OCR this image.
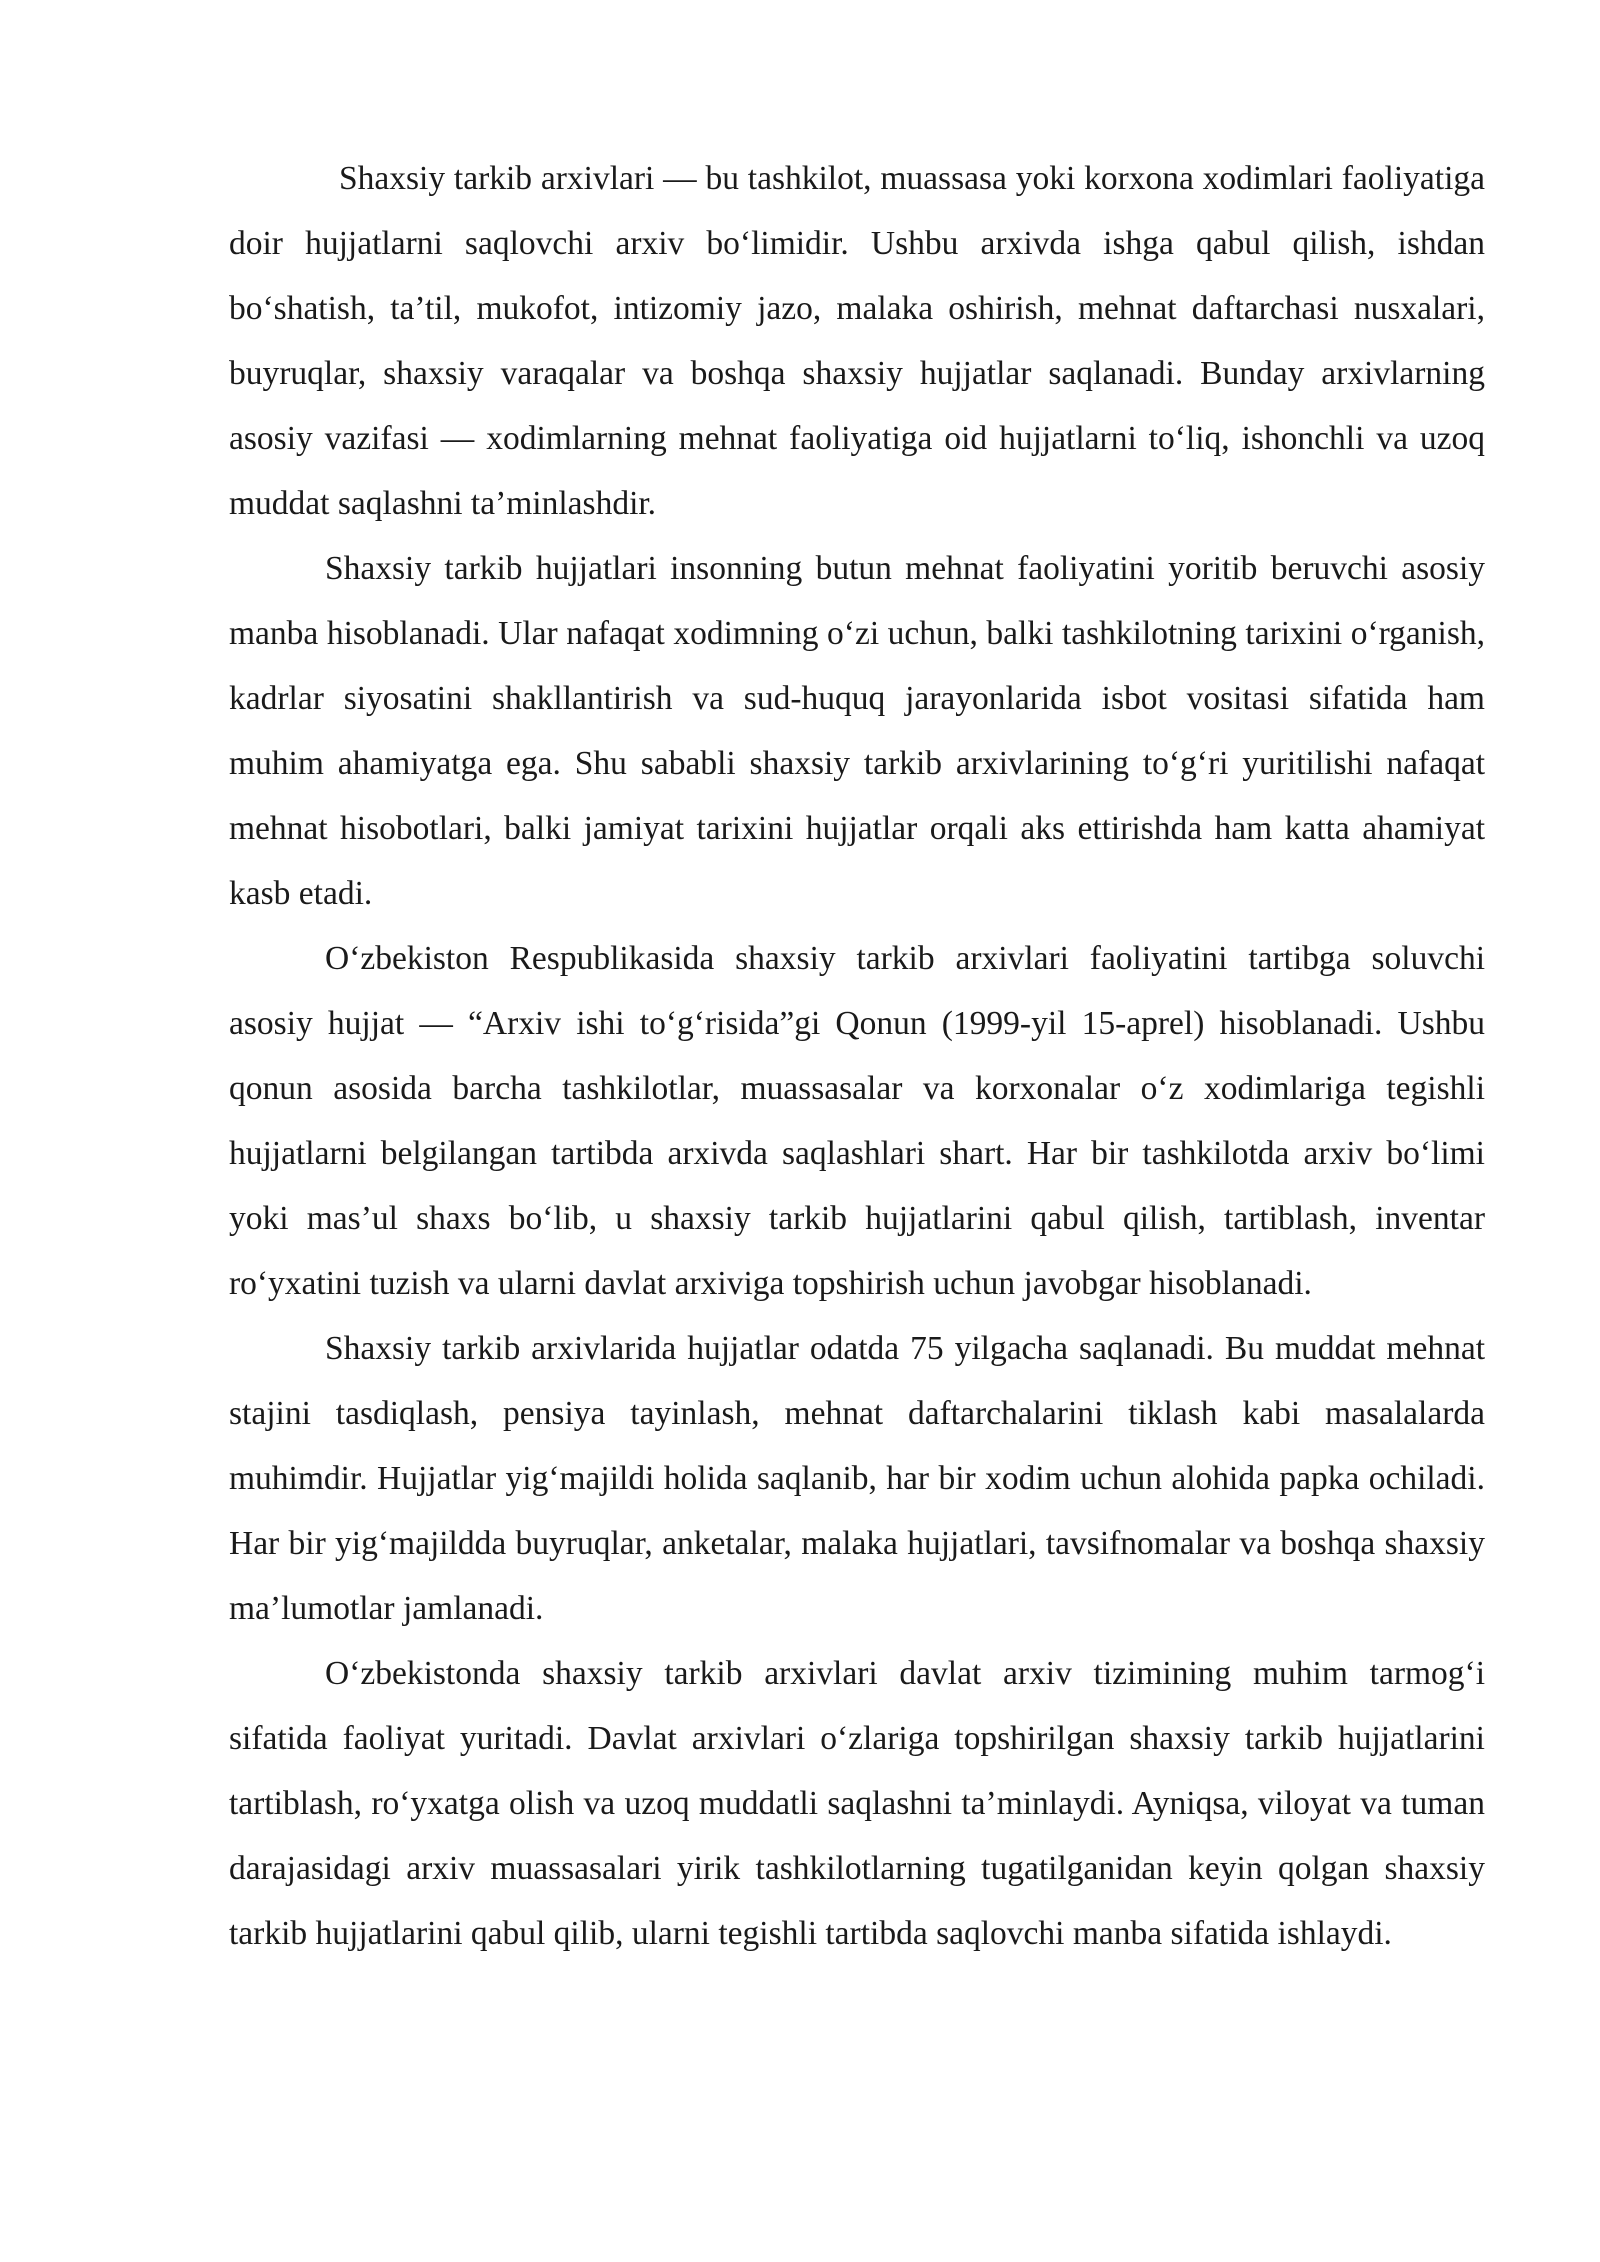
Shaxsiy tarkib arxivlari — bu tashkilot, muassasa yoki korxona xodimlari faoliyatiga doir hujjatlarni saqlovchi arxiv bo‘limidir. Ushbu arxivda ishga qabul qilish, ishdan bo‘shatish, ta’til, mukofot, intizomiy jazo, malaka oshirish, mehnat daftarchasi nusxalari, buyruqlar, shaxsiy varaqalar va boshqa shaxsiy hujjatlar saqlanadi. Bunday arxivlarning asosiy vazifasi — xodimlarning mehnat faoliyatiga oid hujjatlarni to‘liq, ishonchli va uzoq muddat saqlashni ta’minlashdir.

Shaxsiy tarkib hujjatlari insonning butun mehnat faoliyatini yoritib beruvchi asosiy manba hisoblanadi. Ular nafaqat xodimning o‘zi uchun, balki tashkilotning tarixini o‘rganish, kadrlar siyosatini shakllantirish va sud-huquq jarayonlarida isbot vositasi sifatida ham muhim ahamiyatga ega. Shu sababli shaxsiy tarkib arxivlarining to‘g‘ri yuritilishi nafaqat mehnat hisobotlari, balki jamiyat tarixini hujjatlar orqali aks ettirishda ham katta ahamiyat kasb etadi.

O‘zbekiston Respublikasida shaxsiy tarkib arxivlari faoliyatini tartibga soluvchi asosiy hujjat — “Arxiv ishi to‘g‘risida”gi Qonun (1999-yil 15-aprel) hisoblanadi. Ushbu qonun asosida barcha tashkilotlar, muassasalar va korxonalar o‘z xodimlariga tegishli hujjatlarni belgilangan tartibda arxivda saqlashlari shart. Har bir tashkilotda arxiv bo‘limi yoki mas’ul shaxs bo‘lib, u shaxsiy tarkib hujjatlarini qabul qilish, tartiblash, inventar ro‘yxatini tuzish va ularni davlat arxiviga topshirish uchun javobgar hisoblanadi.

Shaxsiy tarkib arxivlarida hujjatlar odatda 75 yilgacha saqlanadi. Bu muddat mehnat stajini tasdiqlash, pensiya tayinlash, mehnat daftarchalarini tiklash kabi masalalarda muhimdir. Hujjatlar yig‘majildi holida saqlanib, har bir xodim uchun alohida papka ochiladi. Har bir yig‘majildda buyruqlar, anketalar, malaka hujjatlari, tavsifnomalar va boshqa shaxsiy ma’lumotlar jamlanadi.

O‘zbekistonda shaxsiy tarkib arxivlari davlat arxiv tizimining muhim tarmog‘i sifatida faoliyat yuritadi. Davlat arxivlari o‘zlariga topshirilgan shaxsiy tarkib hujjatlarini tartiblash, ro‘yxatga olish va uzoq muddatli saqlashni ta’minlaydi. Ayniqsa, viloyat va tuman darajasidagi arxiv muassasalari yirik tashkilotlarning tugatilganidan keyin qolgan shaxsiy tarkib hujjatlarini qabul qilib, ularni tegishli tartibda saqlovchi manba sifatida ishlaydi.
